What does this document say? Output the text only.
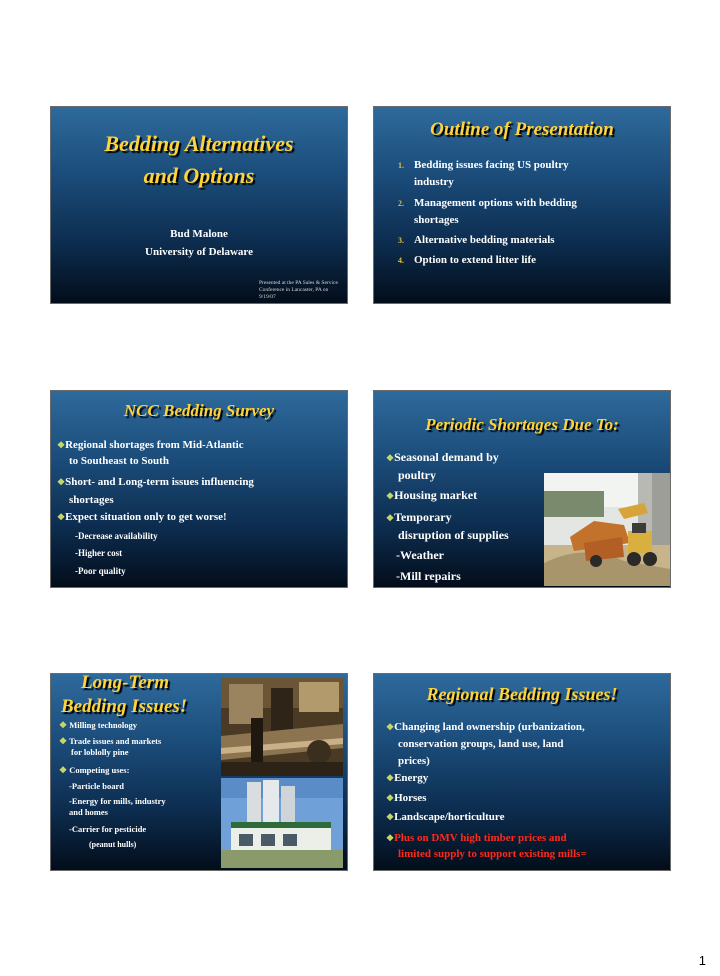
Bedding Alternatives
and Options
Bud Malone
University of Delaware
Presented at the PA Sales & Service
Conference in Lancaster, PA on
9/19/07
Outline of Presentation
1. Bedding issues facing US poultry
industry
2. Management options with bedding
shortages
3. Alternative bedding materials
4. Option to extend litter life
NCC Bedding Survey
❖Regional shortages from Mid-Atlantic
to Southeast to South
❖Short- and Long-term issues influencing
shortages
❖Expect situation only to get worse!
-Decrease availability
-Higher cost
-Poor quality
Periodic Shortages Due To:
❖Seasonal demand by
poultry
❖Housing market
❖Temporary
disruption of supplies
-Weather
-Mill repairs
Long-Term
Bedding Issues!
❖ Milling technology
❖ Trade issues and markets
for loblolly pine
❖ Competing uses:
-Particle board
-Energy for mills, industry
and homes
-Carrier for pesticide
(peanut hulls)
Regional Bedding Issues!
❖Changing land ownership (urbanization,
conservation groups, land use, land
prices)
❖Energy
❖Horses
❖Landscape/horticulture
❖Plus on DMV high timber prices and
limited supply to support existing mills=
1
